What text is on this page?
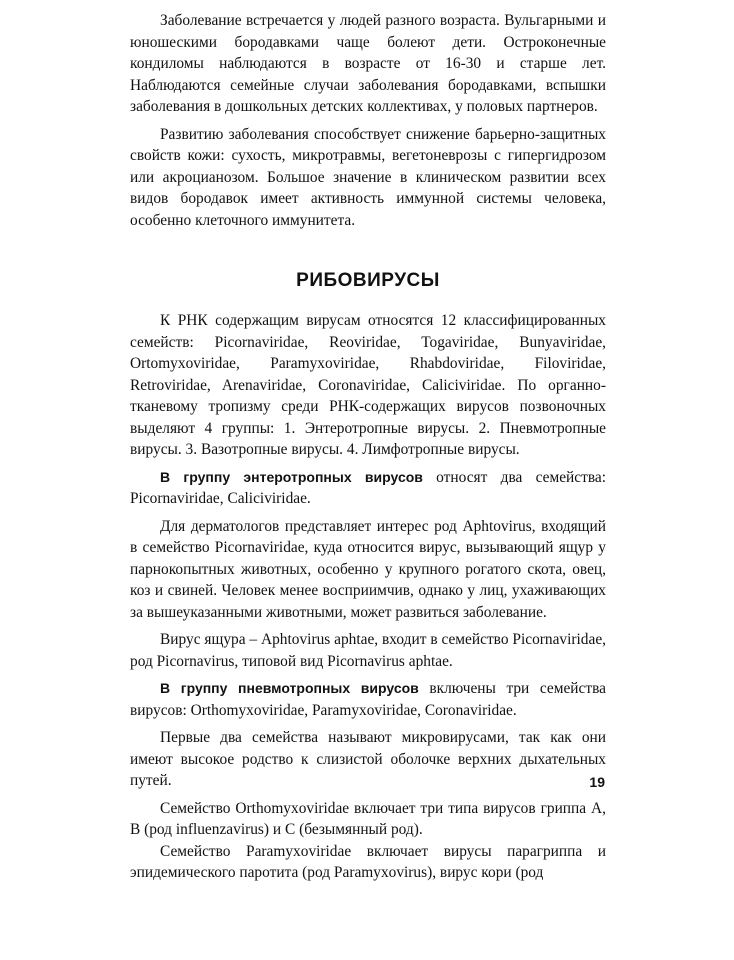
Заболевание встречается у людей разного возраста. Вульгарными и юношескими бородавками чаще болеют дети. Остроконечные кондиломы наблюдаются в возрасте от 16-30 и старше лет. Наблюдаются семейные случаи заболевания бородавками, вспышки заболевания в дошкольных детских коллективах, у половых партнеров.

Развитию заболевания способствует снижение барьерно-защитных свойств кожи: сухость, микротравмы, вегетоневрозы с гипергидрозом или акроцианозом. Большое значение в клиническом развитии всех видов бородавок имеет активность иммунной системы человека, особенно клеточного иммунитета.

РИБОВИРУСЫ

К РНК содержащим вирусам относятся 12 классифицированных семейств: Picornaviridae, Reoviridae, Togaviridae, Bunyaviridae, Ortomyxoviridae, Paramyxoviridae, Rhabdoviridae, Filoviridae, Retroviridae, Arenaviridae, Coronaviridae, Caliciviridae. По органно-тканевому тропизму среди РНК-содержащих вирусов позвоночных выделяют 4 группы: 1. Энтеротропные вирусы. 2. Пневмотропные вирусы. 3. Вазотропные вирусы. 4. Лимфотропные вирусы.

В группу энтеротропных вирусов относят два семейства: Picornaviridae, Caliciviridae.

Для дерматологов представляет интерес род Aphtovirus, входящий в семейство Picornaviridae, куда относится вирус, вызывающий ящур у парнокопытных животных, особенно у крупного рогатого скота, овец, коз и свиней. Человек менее восприимчив, однако у лиц, ухаживающих за вышеуказанными животными, может развиться заболевание.

Вирус ящура – Aphtovirus aphtae, входит в семейство Picornaviridae, род Picornavirus, типовой вид Picornavirus aphtae.

В группу пневмотропных вирусов включены три семейства вирусов: Orthomyxoviridae, Paramyxoviridae, Coronaviridae.

Первые два семейства называют микровирусами, так как они имеют высокое родство к слизистой оболочке верхних дыхательных путей.

Семейство Orthomyxoviridae включает три типа вирусов гриппа А, В (род influenzavirus) и С (безымянный род).

Семейство Paramyxoviridae включает вирусы парагриппа и эпидемического паротита (род Paramyxovirus), вирус кори (род

19
